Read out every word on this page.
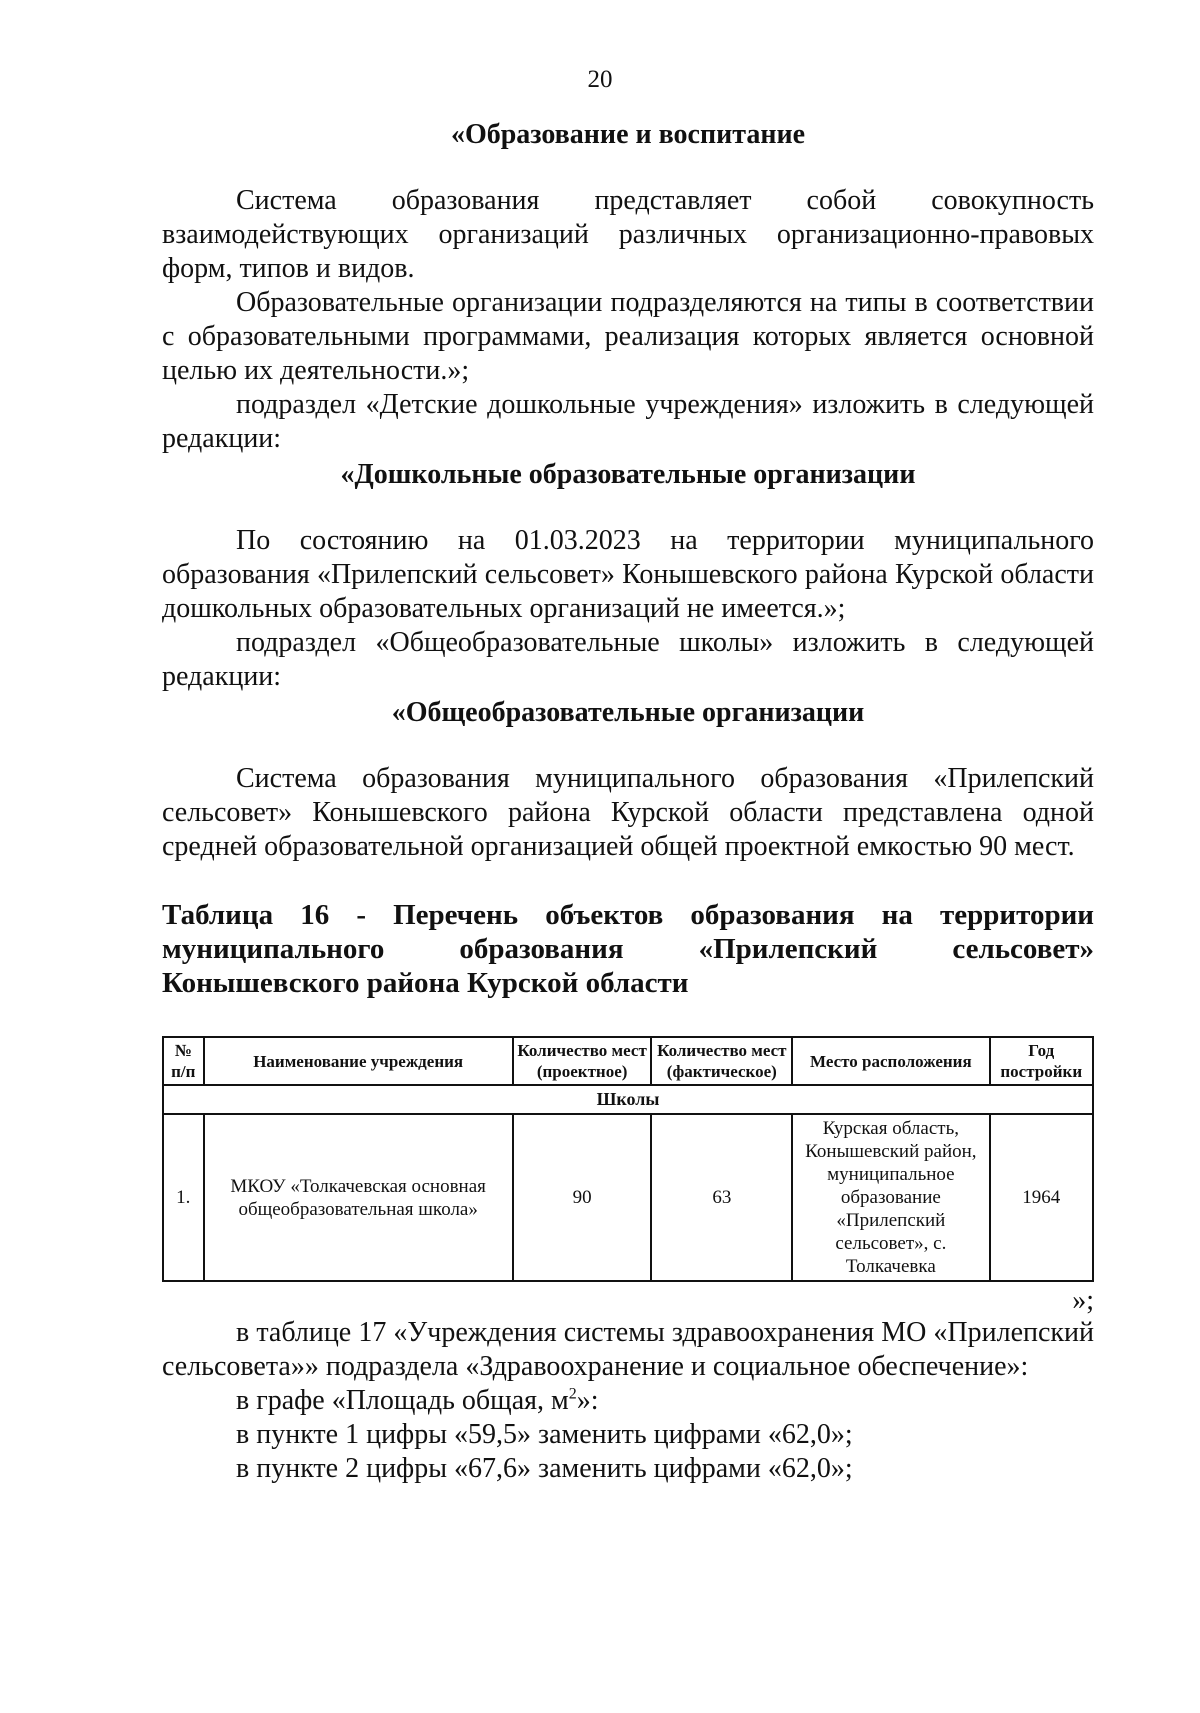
20

«Образование и воспитание

Система образования представляет собой совокупность взаимодействующих организаций различных организационно-правовых форм, типов и видов.

Образовательные организации подразделяются на типы в соответствии с образовательными программами, реализация которых является основной целью их деятельности.»;

подраздел «Детские дошкольные учреждения» изложить в следующей редакции:

«Дошкольные образовательные организации

По состоянию на 01.03.2023 на территории муниципального образования «Прилепский сельсовет» Конышевского района Курской области дошкольных образовательных организаций не имеется.»;

подраздел «Общеобразовательные школы» изложить в следующей редакции:

«Общеобразовательные организации

Система образования муниципального образования «Прилепский сельсовет» Конышевского района Курской области представлена одной средней образовательной организацией общей проектной емкостью 90 мест.

Таблица 16 - Перечень объектов образования на территории муниципального образования «Прилепский сельсовет» Конышевского района Курской области

№ п/п	Наименование учреждения	Количество мест (проектное)	Количество мест (фактическое)	Место расположения	Год постройки
Школы					
1.	МКОУ «Толкачевская основная общеобразовательная школа»	90	63	Курская область, Конышевский район, муниципальное образование «Прилепский сельсовет», с. Толкачевка	1964

»;

в таблице 17 «Учреждения системы здравоохранения МО «Прилепский сельсовета»» подраздела «Здравоохранение и социальное обеспечение»:

в графе «Площадь общая, $м^2$»:

в пункте 1 цифры «59,5» заменить цифрами «62,0»;

в пункте 2 цифры «67,6» заменить цифрами «62,0»;
